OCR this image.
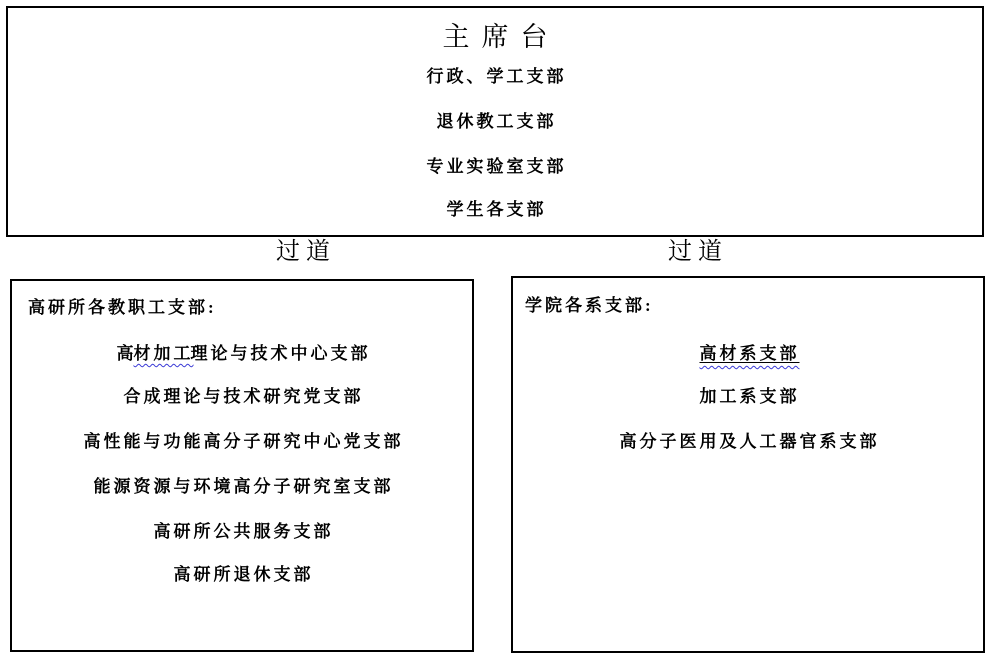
主席台
行政、学工支部
退休教工支部
专业实验室支部
学生各支部
过道	过道
高研所各教职工支部:
高材加工理论与技术中心支部
合成理论与技术研究党支部
高性能与功能高分子研究中心党支部
能源资源与环境高分子研究室支部
高研所公共服务支部
高研所退休支部
学院各系支部:
高材系支部
加工系支部
高分子医用及人工器官系支部
